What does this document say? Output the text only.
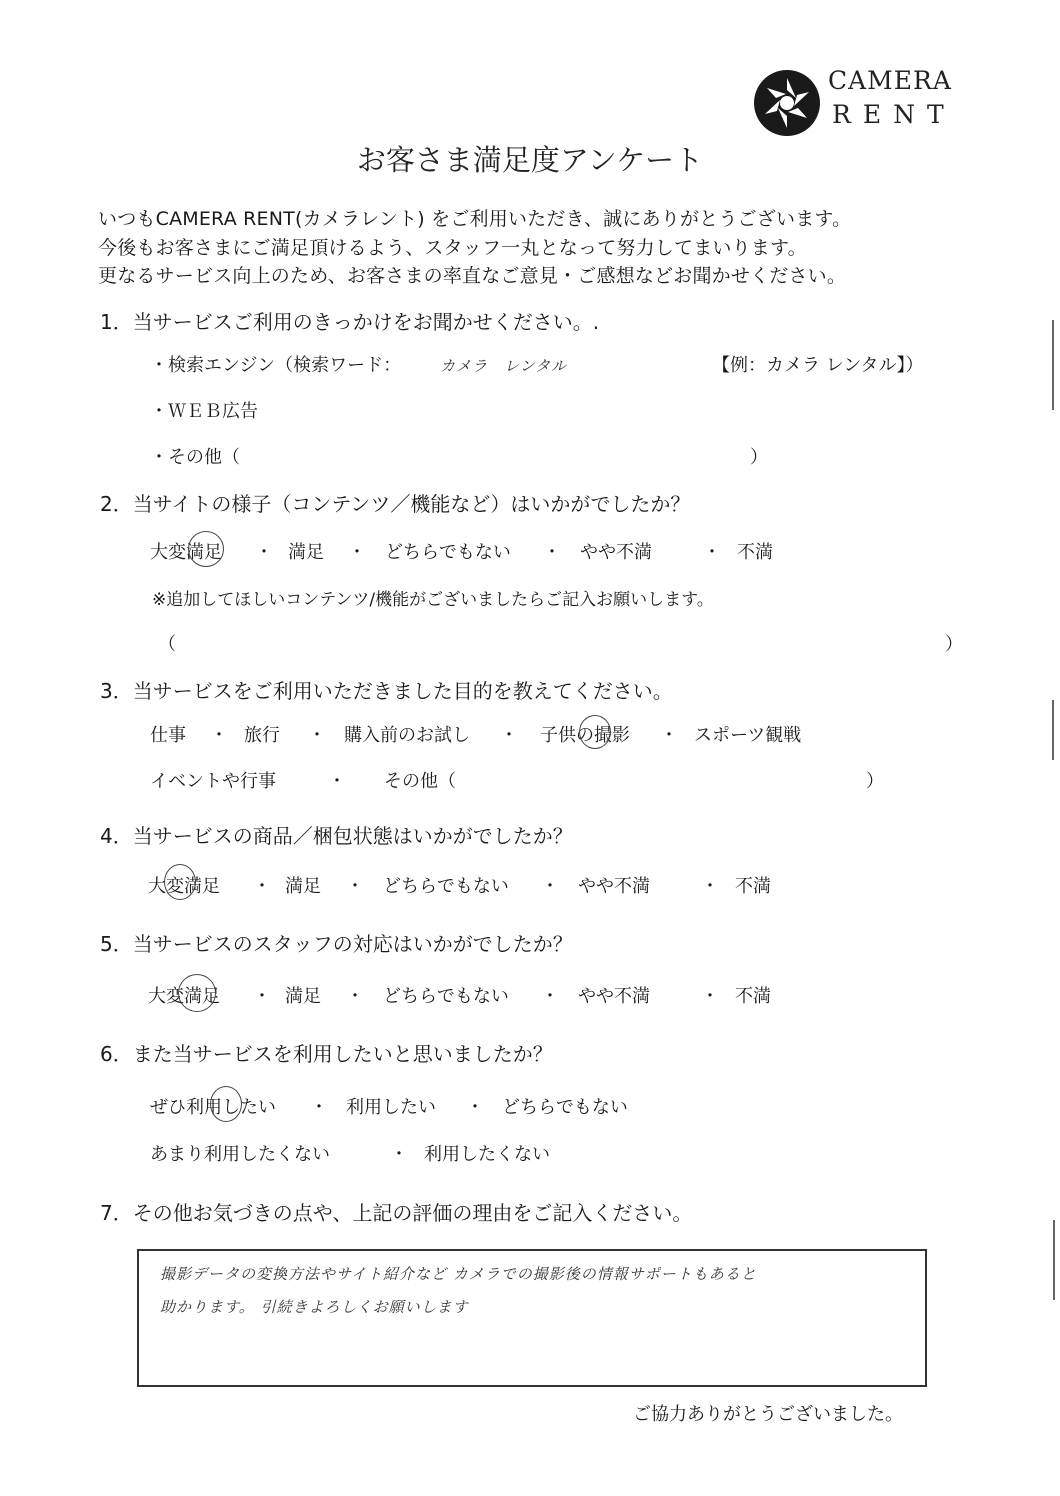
CAMERA
RENT
お客さま満足度アンケート
いつもCAMERA RENT(カメラレント) をご利用いただき、誠にありがとうございます。
今後もお客さまにご満足頂けるよう、スタッフ一丸となって努力してまいります。
更なるサービス向上のため、お客さまの率直なご意見・ご感想などお聞かせください。
1．当サービスご利用のきっかけをお聞かせください。.
・検索エンジン（検索ワード：	カメラ　レンタル	【例：カメラ レンタル】）
・ＷＥＢ広告
・その他（	）
2．当サイトの様子（コンテンツ／機能など）はいかがでしたか？
大変満足 ・ 満足 ・ どちらでもない ・ やや不満	・ 不満
※追加してほしいコンテンツ/機能がございましたらご記入お願いします。
（	）
3．当サービスをご利用いただきました目的を教えてください。
仕事 ・ 旅行 ・ 購入前のお試し ・ 子供の撮影 ・ スポーツ観戦
イベントや行事	・ その他（	）
4．当サービスの商品／梱包状態はいかがでしたか？
大変満足 ・ 満足 ・ どちらでもない ・ やや不満	・ 不満
5．当サービスのスタッフの対応はいかがでしたか？
大変満足 ・ 満足 ・ どちらでもない ・ やや不満	・ 不満
6．また当サービスを利用したいと思いましたか？
ぜひ利用したい ・ 利用したい ・ どちらでもない
あまり利用したくない	・ 利用したくない
7．その他お気づきの点や、上記の評価の理由をご記入ください。
撮影データの変換方法やサイト紹介など カメラでの撮影後の情報サポートもあると
助かります。 引続きよろしくお願いします
ご協力ありがとうございました。
